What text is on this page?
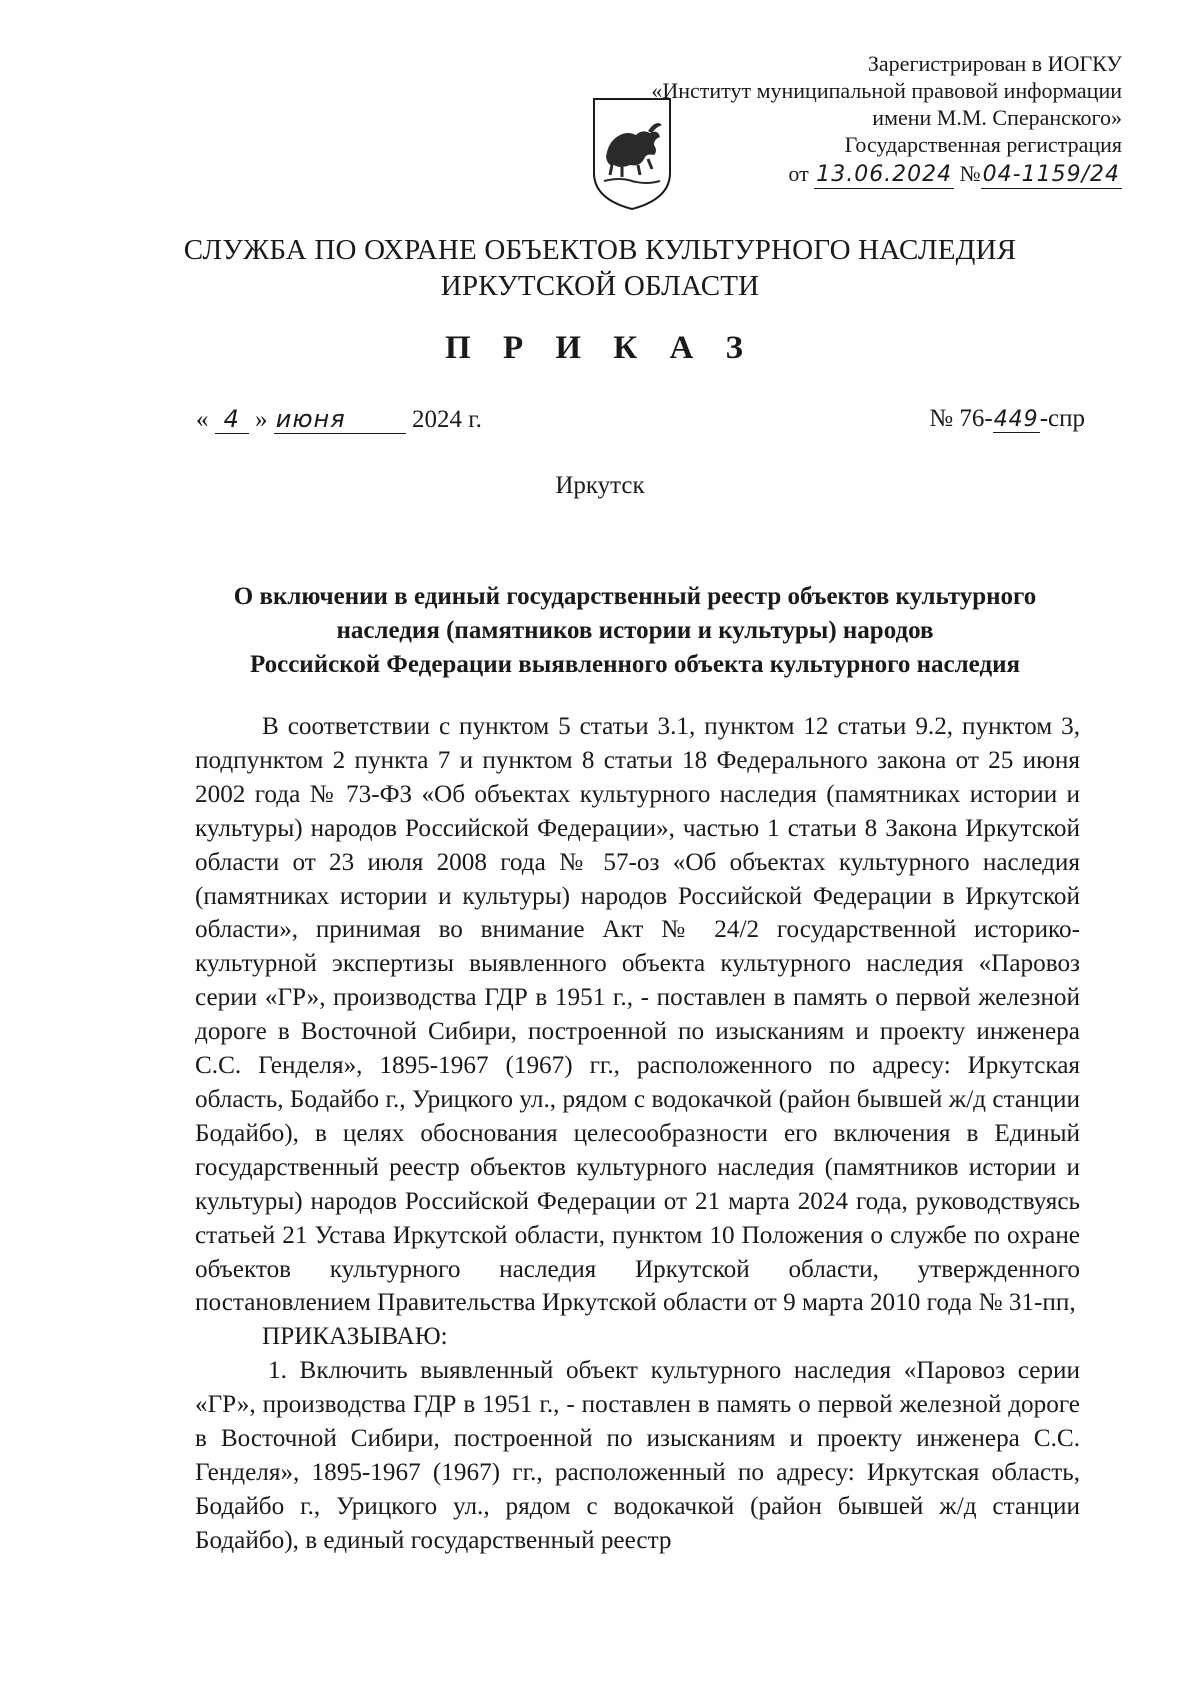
Зарегистрирован в ИОГКУ
«Институт муниципальной правовой информации
имени М.М. Сперанского»
Государственная регистрация
от 13.06.2024 №04-1159/24
СЛУЖБА ПО ОХРАНЕ ОБЪЕКТОВ КУЛЬТУРНОГО НАСЛЕДИЯ
ИРКУТСКОЙ ОБЛАСТИ
П Р И К А З
« 4 » июня	2024 г.	№ 76-449-спр
Иркутск
О включении в единый государственный реестр объектов культурного
наследия (памятников истории и культуры) народов
Российской Федерации выявленного объекта культурного наследия

В соответствии с пунктом 5 статьи 3.1, пунктом 12 статьи 9.2, пунктом 3, подпунктом 2 пункта 7 и пунктом 8 статьи 18 Федерального закона от 25 июня 2002 года № 73-ФЗ «Об объектах культурного наследия (памятниках истории и культуры) народов Российской Федерации», частью 1 статьи 8 Закона Иркутской области от 23 июля 2008 года № 57-оз «Об объектах культурного наследия (памятниках истории и культуры) народов Российской Федерации в Иркутской области», принимая во внимание Акт № 24/2 государственной историко-культурной экспертизы выявленного объекта культурного наследия «Паровоз серии «ГР», производства ГДР в 1951 г., - поставлен в память о первой железной дороге в Восточной Сибири, построенной по изысканиям и проекту инженера С.С. Генделя», 1895-1967 (1967) гг., расположенного по адресу: Иркутская область, Бодайбо г., Урицкого ул., рядом с водокачкой (район бывшей ж/д станции Бодайбо), в целях обоснования целесообразности его включения в Единый государственный реестр объектов культурного наследия (памятников истории и культуры) народов Российской Федерации от 21 марта 2024 года, руководствуясь статьей 21 Устава Иркутской области, пунктом 10 Положения о службе по охране объектов культурного наследия Иркутской области, утвержденного постановлением Правительства Иркутской области от 9 марта 2010 года № 31-пп,

ПРИКАЗЫВАЮ:

1. Включить выявленный объект культурного наследия «Паровоз серии «ГР», производства ГДР в 1951 г., - поставлен в память о первой железной дороге в Восточной Сибири, построенной по изысканиям и проекту инженера С.С. Генделя», 1895-1967 (1967) гг., расположенный по адресу: Иркутская область, Бодайбо г., Урицкого ул., рядом с водокачкой (район бывшей ж/д станции Бодайбо), в единый государственный реестр
